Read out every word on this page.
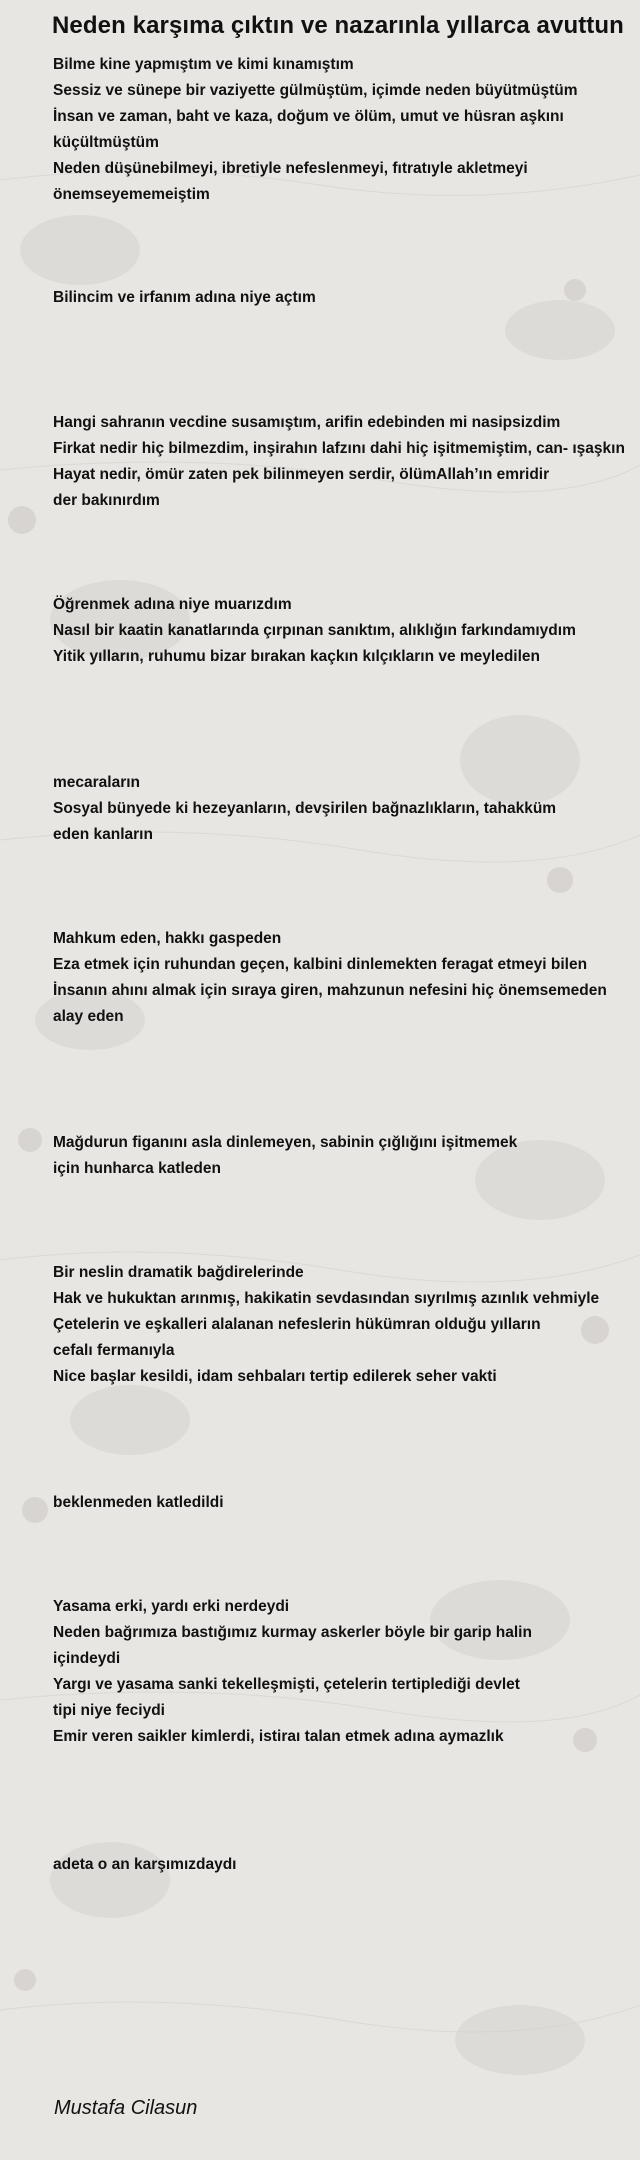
Neden karşıma çıktın ve nazarınla yıllarca avuttun
Bilme kine yapmıştım ve kimi kınamıştım
Sessiz ve sünepe bir vaziyette gülmüştüm, içimde neden büyütmüştüm
İnsan ve zaman, baht ve kaza, doğum ve ölüm, umut ve hüsran aşkını
küçültmüştüm
Neden düşünebilmeyi, ibretiyle nefeslenmeyi, fıtratıyle akletmeyi
önemseyememeiştim
Bilincim ve irfanım adına niye açtım
Hangi sahranın vecdine susamıştım, arifin edebinden mi nasipsizdim
Firkat nedir hiç bilmezdim, inşirahın lafzını dahi hiç işitmemiştim, can- ışaşkın
Hayat nedir, ömür zaten pek bilinmeyen serdir, ölümAllah’ın emridir
der bakınırdım
Öğrenmek adına niye muarızdım
Nasıl bir kaatin kanatlarında çırpınan sanıktım, alıklığın farkındamıydım
Yitik yılların, ruhumu bizar bırakan kaçkın kılçıkların ve meyledilen
mecaraların
Sosyal bünyede ki hezeyanların, devşirilen bağnazlıkların, tahakküm
eden kanların
Mahkum eden, hakkı gaspeden
Eza etmek için ruhundan geçen, kalbini dinlemekten feragat etmeyi bilen
İnsanın ahını almak için sıraya giren, mahzunun nefesini hiç önemsemeden
alay eden
Mağdurun figanını asla dinlemeyen, sabinin çığlığını işitmemek
için hunharca katleden
Bir neslin dramatik bağdirelerinde
Hak ve hukuktan arınmış, hakikatin sevdasından sıyrılmış azınlık vehmiyle
Çetelerin ve eşkalleri alalanan nefeslerin hükümran olduğu yılların
cefalı fermanıyla
Nice başlar kesildi, idam sehbaları tertip edilerek seher vakti
beklenmeden katledildi
Yasama erki, yardı erki nerdeydi
Neden bağrımıza bastığımız kurmay askerler böyle bir garip halin
içindeydi
Yargı ve yasama sanki tekelleşmişti, çetelerin tertiplediği devlet
tipi niye feciydi
Emir veren saikler kimlerdi, istiraı talan etmek adına aymazlık
adeta o an karşımızdaydı
Mustafa Cilasun
